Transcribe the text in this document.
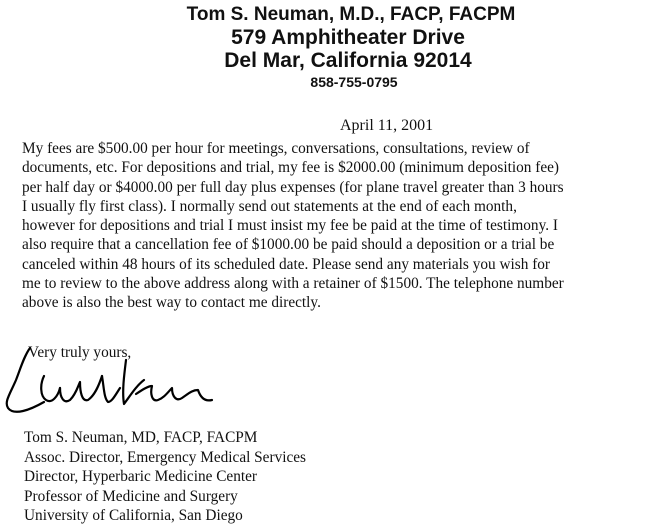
Tom S. Neuman, M.D., FACP, FACPM
579 Amphitheater Drive
Del Mar, California 92014
858-755-0795
April 11, 2001

My fees are $500.00 per hour for meetings, conversations, consultations, review of
documents, etc. For depositions and trial, my fee is $2000.00 (minimum deposition fee)
per half day or $4000.00 per full day plus expenses (for plane travel greater than 3 hours
I usually fly first class). I normally send out statements at the end of each month,
however for depositions and trial I must insist my fee be paid at the time of testimony. I
also require that a cancellation fee of $1000.00 be paid should a deposition or a trial be
canceled within 48 hours of its scheduled date. Please send any materials you wish for
me to review to the above address along with a retainer of $1500. The telephone number
above is also the best way to contact me directly.

Very truly yours,
Tom S. Neuman, MD, FACP, FACPM
Assoc. Director, Emergency Medical Services
Director, Hyperbaric Medicine Center
Professor of Medicine and Surgery
University of California, San Diego
